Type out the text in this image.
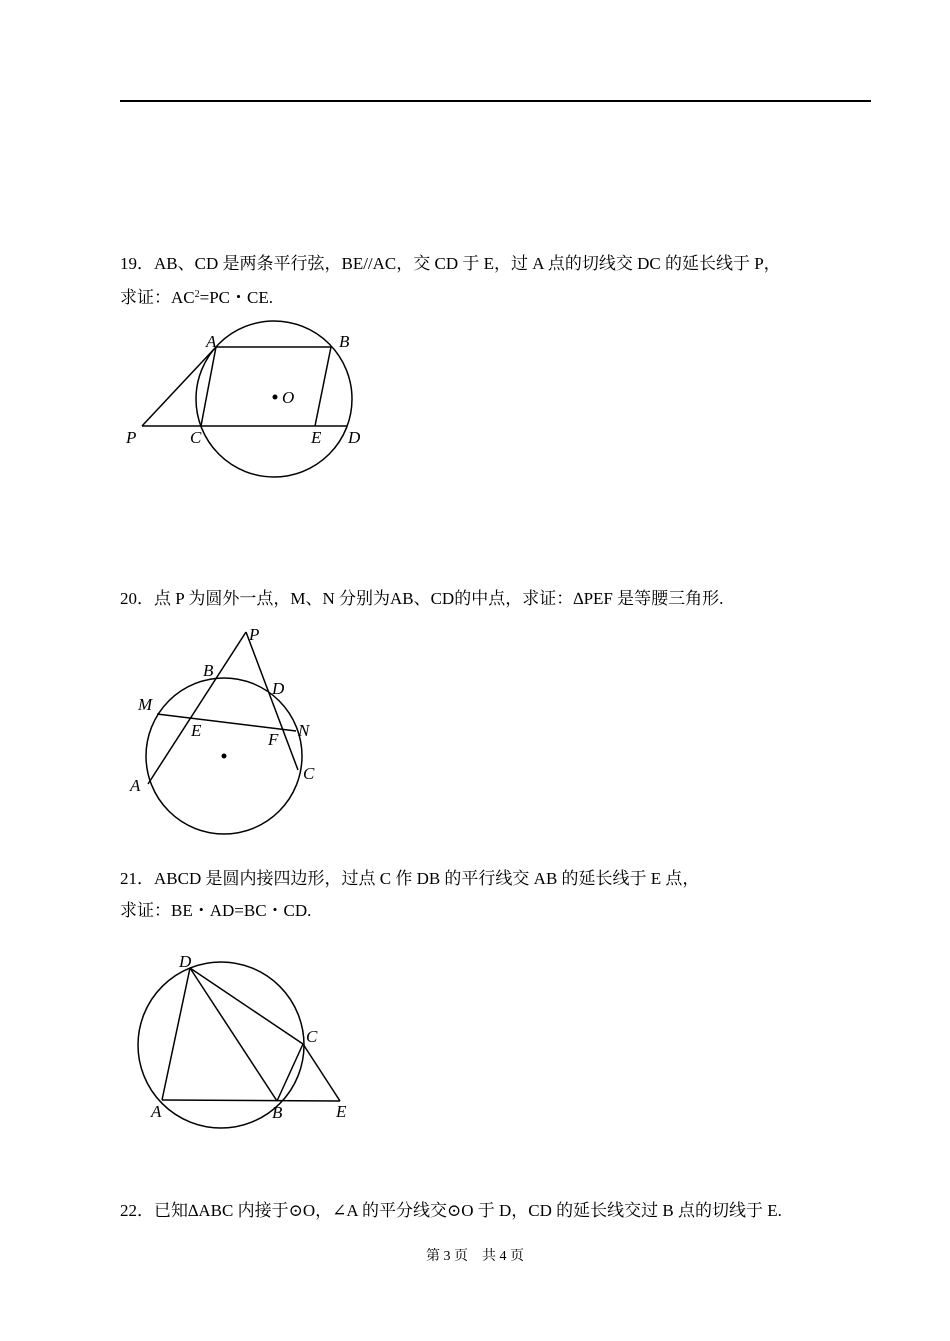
19．AB、CD 是两条平行弦，BE//AC，交 CD 于 E，过 A 点的切线交 DC 的延长线于 P，
求证：$AC^2=PC$・CE.
A	B
O
P	C	E D
20．点 P 为圆外一点，M、N 分别为AB、CD的中点，求证：∆PEF 是等腰三角形.
P
B
D
M
E	F N
A
C
21．ABCD 是圆内接四边形，过点 C 作 DB 的平行线交 AB 的延长线于 E 点，
求证：BE・AD=BC・CD.
D
C
A	B	E
22．已知∆ABC 内接于⊙O，∠A 的平分线交⊙O 于 D，CD 的延长线交过 B 点的切线于 E.
第 3 页　共 4 页
